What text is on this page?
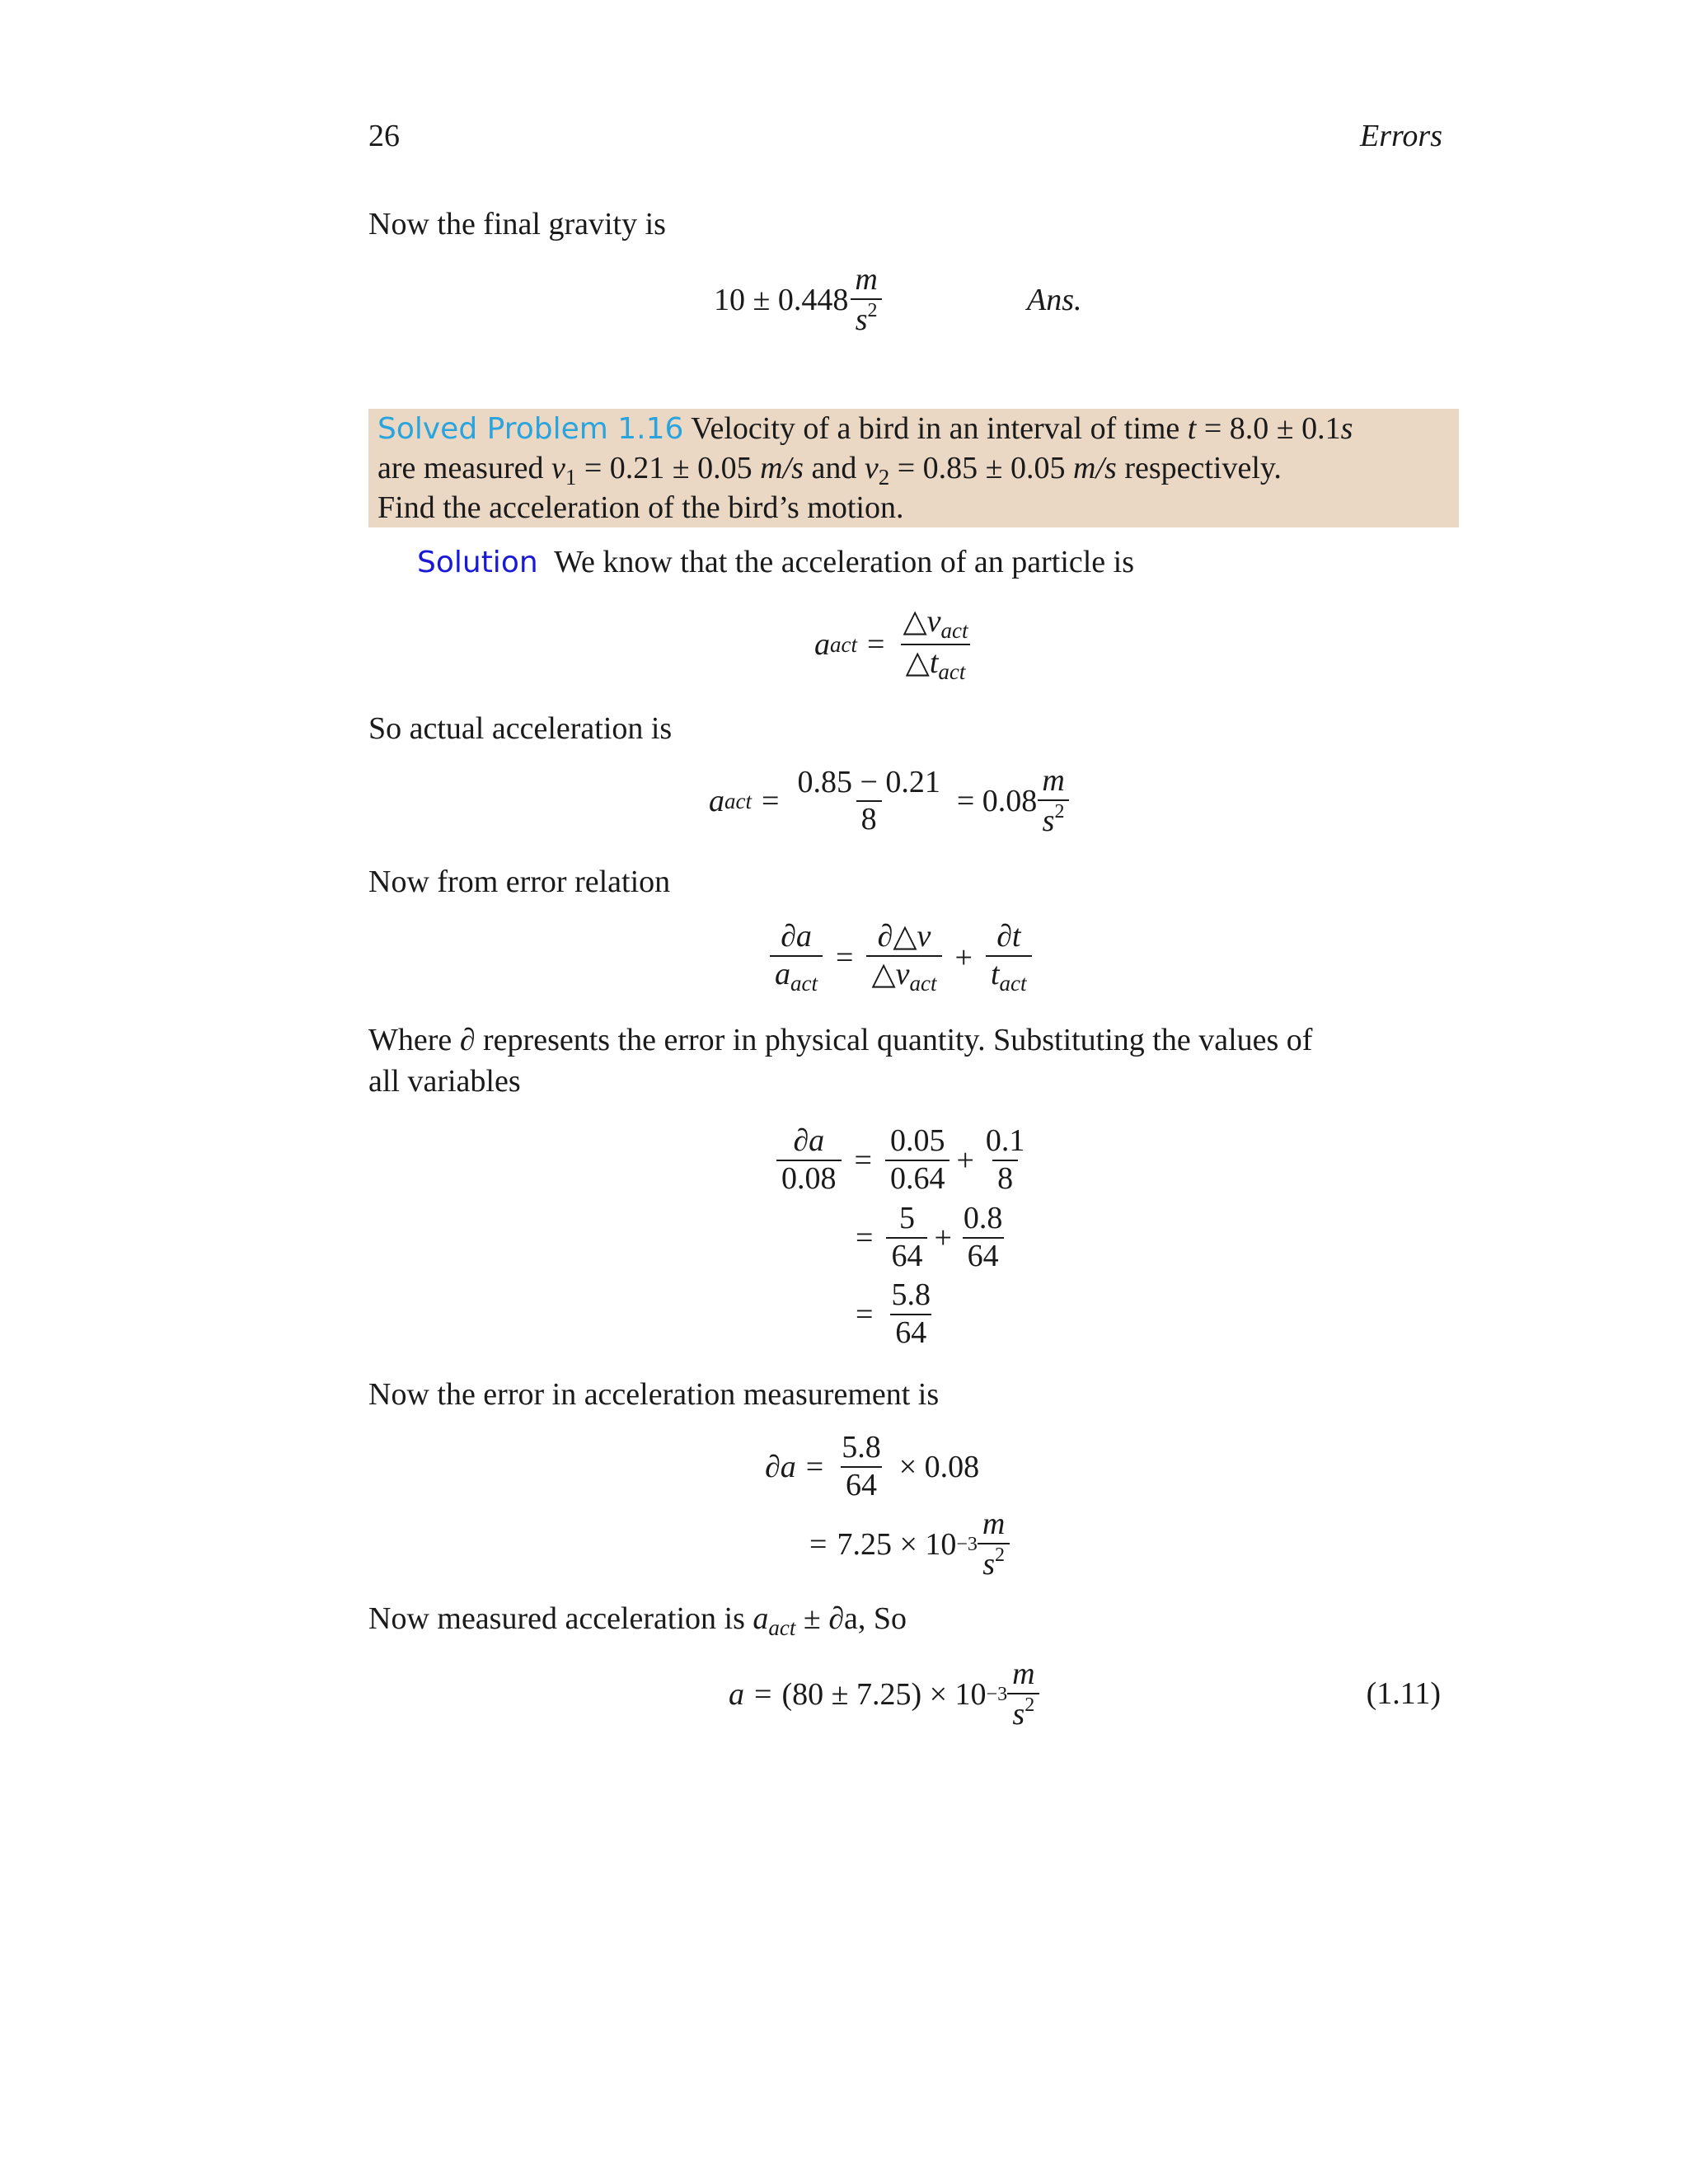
26	Errors
Now the final gravity is
$10 \pm 0.448 \frac{m}{s^2}$	Ans.
Solved Problem 1.16 Velocity of a bird in an interval of time t = 8.0 ± 0.1s
are measured $v_1 = 0.21 \pm 0.05$ m/s and $v_2 = 0.85 \pm 0.05$ m/s respectively.
Find the acceleration of the bird’s motion.
Solution We know that the acceleration of an particle is
a act = $\frac{\triangle v_{act}}{\triangle t_{act}}$
So actual acceleration is
a act = $\frac{0.85 - 0.21}{8} = 0.08 \frac{m}{s^2}$
Now from error relation
$\frac{\partial a}{a_{act}} = \frac{\partial\triangle v}{\triangle v_{act}} + \frac{\partial t}{t_{act}}$
Where ∂ represents the error in physical quantity. Substituting the values of
all variables
$\frac{\partial a}{0.08} = \frac{0.05}{0.64} + \frac{0.1}{8}$
= $\frac{5}{64} + \frac{0.8}{64}$
= $\frac{5.8}{64}$
Now the error in acceleration measurement is
$\partial a = \frac{5.8}{64} \times 0.08$
= $7.25 \times 10 -3 \frac{m}{s^2}$
Now measured acceleration is $a_{act} \pm \partial a$, So
$a = (80 \pm 7.25) \times 10 -3 \frac{m}{s^2}$	(1.11)
